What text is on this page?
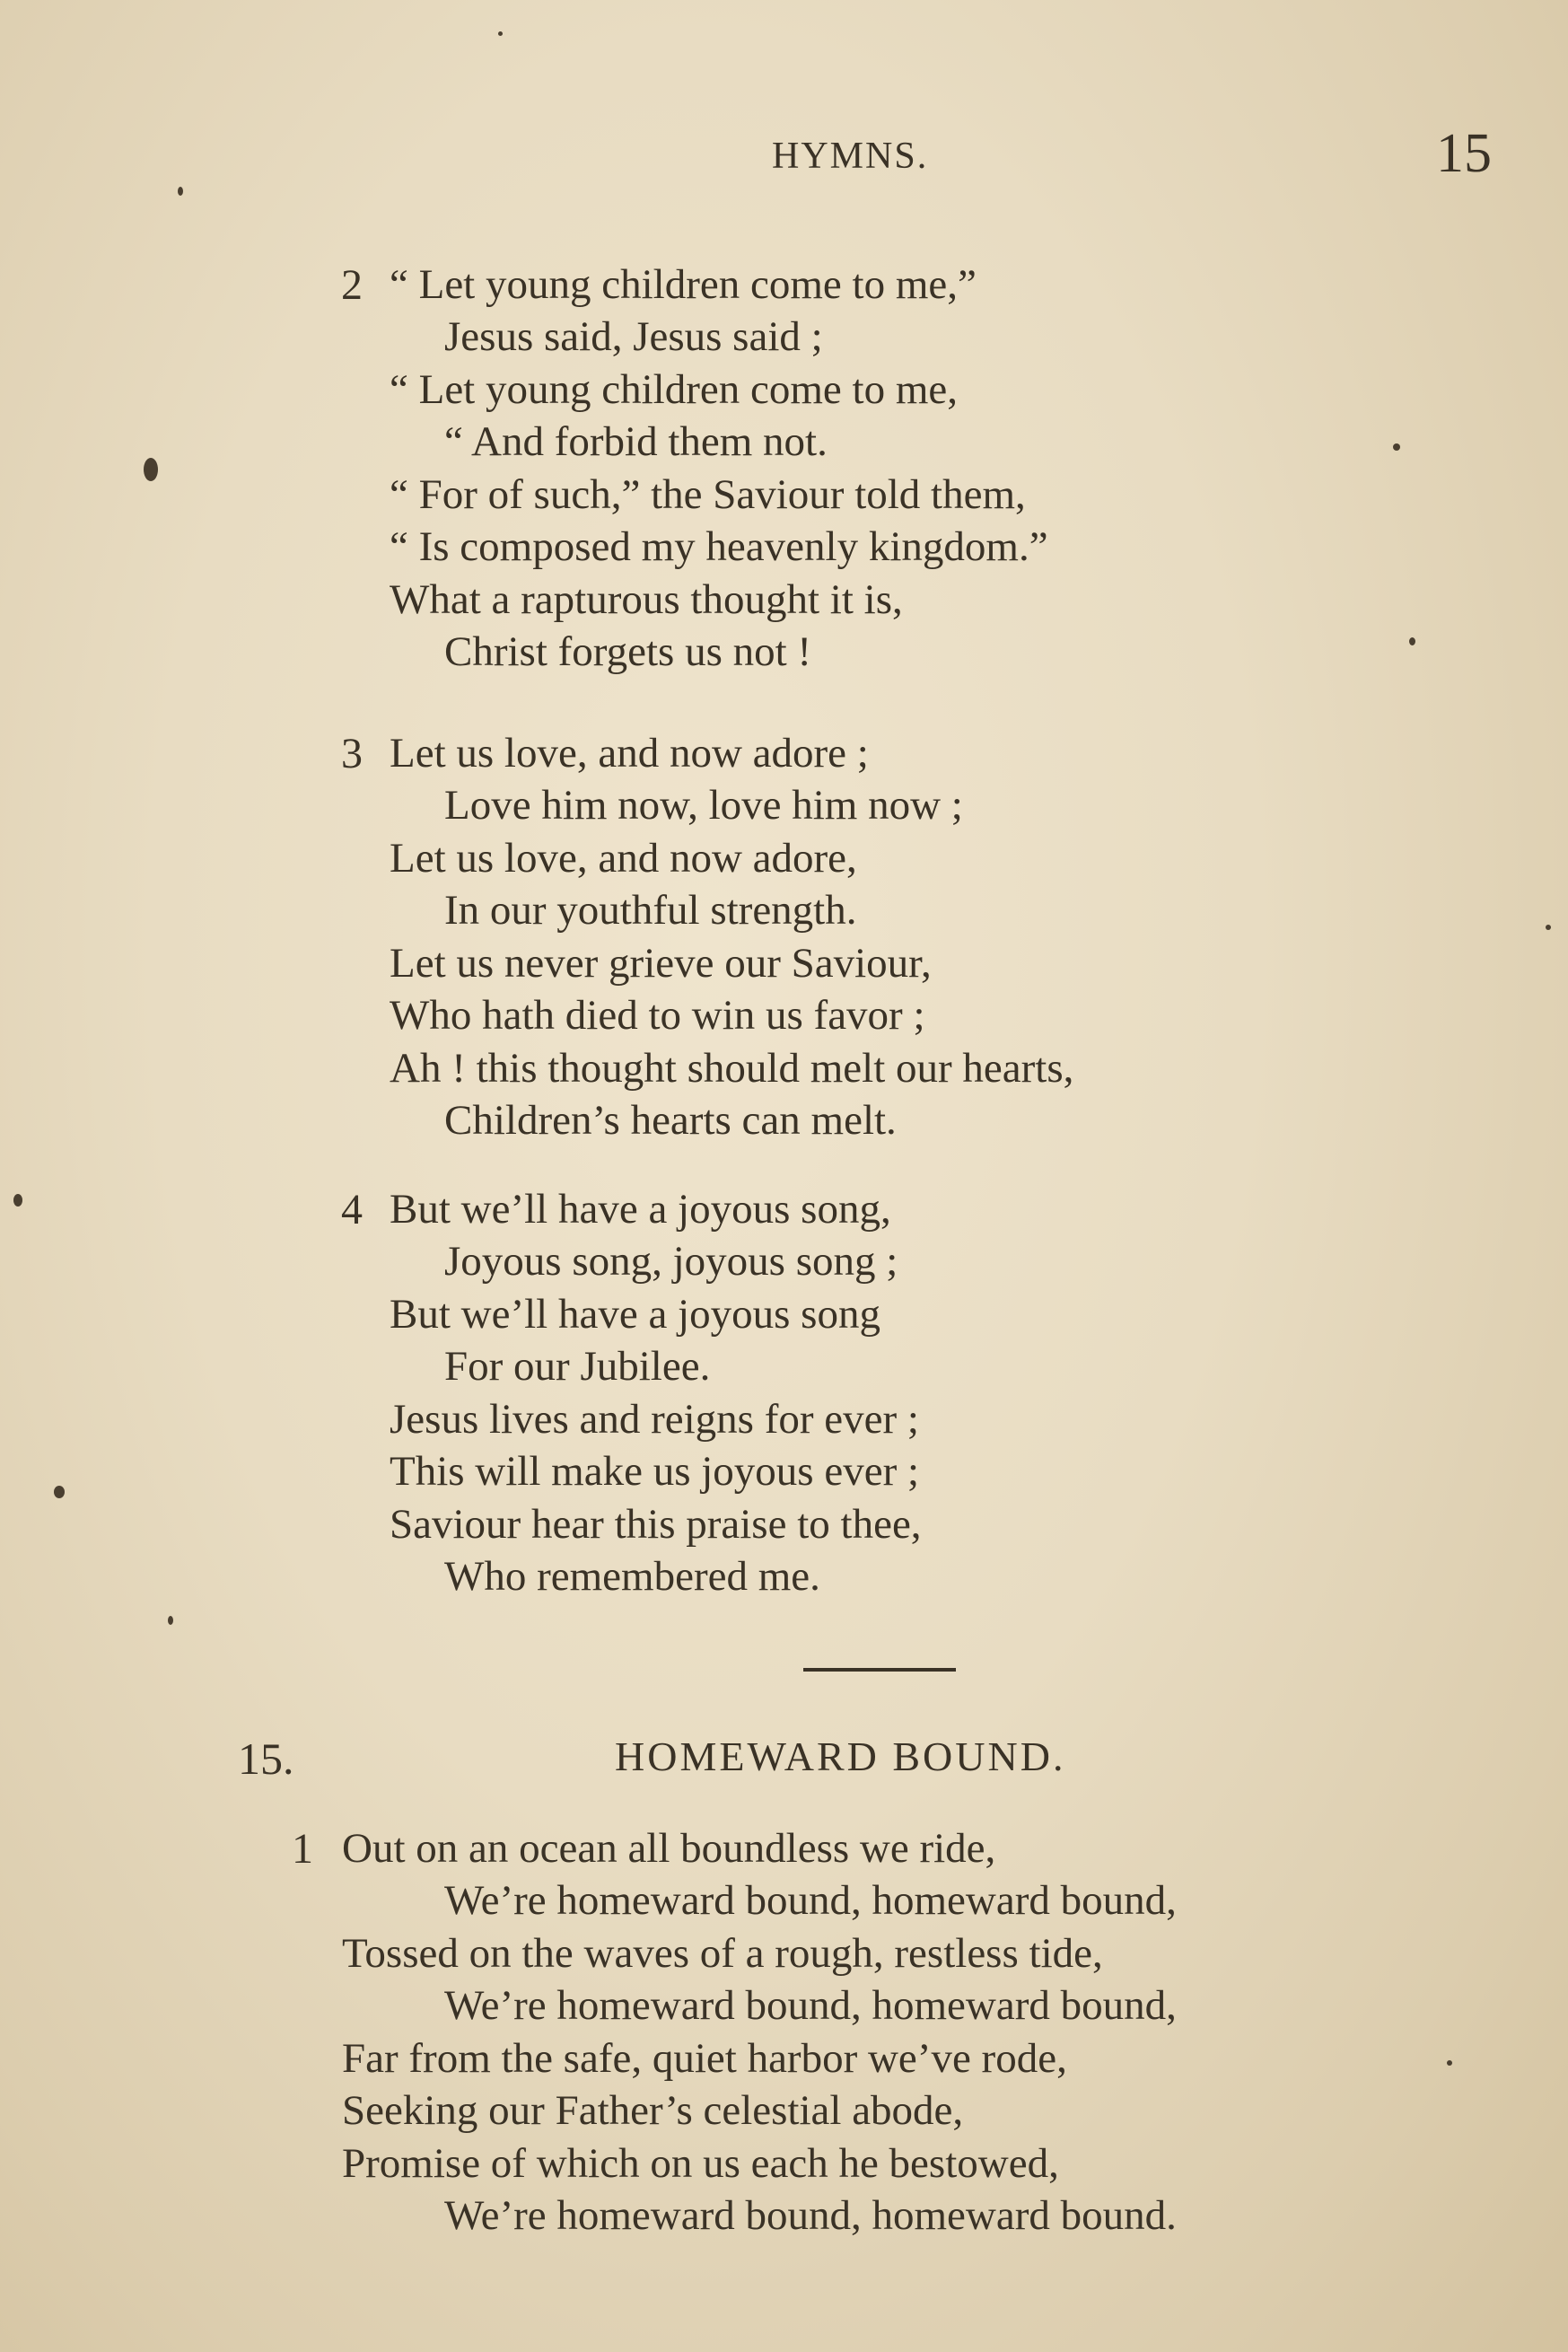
HYMNS.	15
2 “ Let young children come to me,”
Jesus said, Jesus said ;
“ Let young children come to me,
“ And forbid them not.
“ For of such,” the Saviour told them,
“ Is composed my heavenly kingdom.”
What a rapturous thought it is,
Christ forgets us not !
3 Let us love, and now adore ;
Love him now, love him now ;
Let us love, and now adore,
In our youthful strength.
Let us never grieve our Saviour,
Who hath died to win us favor ;
Ah ! this thought should melt our hearts,
Children’s hearts can melt.
4 But we’ll have a joyous song,
Joyous song, joyous song ;
But we’ll have a joyous song
For our Jubilee.
Jesus lives and reigns for ever ;
This will make us joyous ever ;
Saviour hear this praise to thee,
Who remembered me.
15.	HOMEWARD BOUND.
1 Out on an ocean all boundless we ride,
We’re homeward bound, homeward bound,
Tossed on the waves of a rough, restless tide,
We’re homeward bound, homeward bound,
Far from the safe, quiet harbor we’ve rode,
Seeking our Father’s celestial abode,
Promise of which on us each he bestowed,
We’re homeward bound, homeward bound.
